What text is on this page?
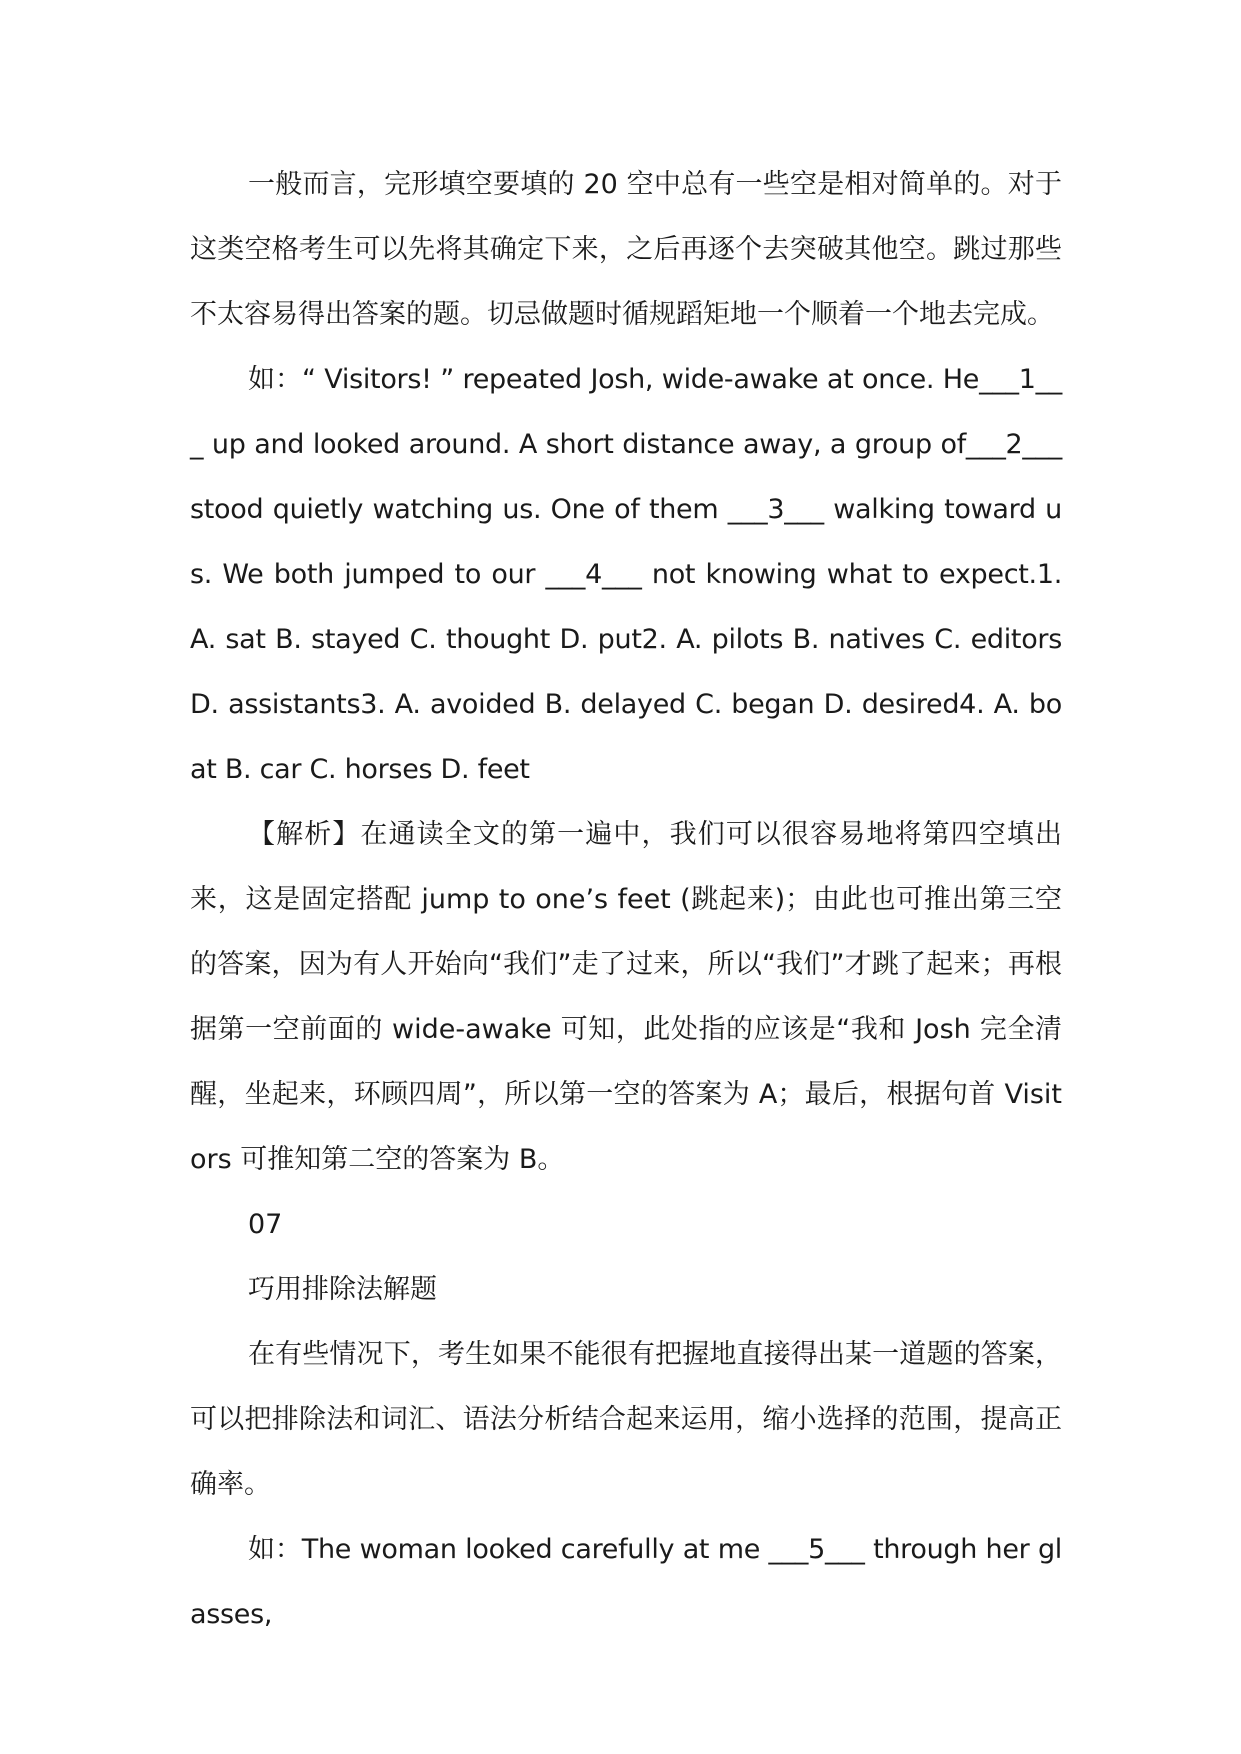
一般而言，完形填空要填的 20 空中总有一些空是相对简单的。对于这类空格考生可以先将其确定下来，之后再逐个去突破其他空。跳过那些不太容易得出答案的题。切忌做题时循规蹈矩地一个顺着一个地去完成。

如：“ Visitors! ” repeated Josh, wide-awake at once. He___1___ up and looked around. A short distance away, a group of___2___ stood quietly watching us. One of them ___3___ walking toward us. We both jumped to our ___4___ not knowing what to expect.1. A. sat B. stayed C. thought D. put2. A. pilots B. natives C. editors D. assistants3. A. avoided B. delayed C. began D. desired4. A. boat B. car C. horses D. feet

【解析】在通读全文的第一遍中，我们可以很容易地将第四空填出来，这是固定搭配 jump to one’s feet (跳起来)；由此也可推出第三空的答案，因为有人开始向“我们”走了过来，所以“我们”才跳了起来；再根据第一空前面的 wide-awake 可知，此处指的应该是“我和 Josh 完全清醒，坐起来，环顾四周”，所以第一空的答案为 A；最后，根据句首 Visitors 可推知第二空的答案为 B。

07

巧用排除法解题

在有些情况下，考生如果不能很有把握地直接得出某一道题的答案，可以把排除法和词汇、语法分析结合起来运用，缩小选择的范围，提高正确率。

如：The woman looked carefully at me ___5___ through her glasses,
